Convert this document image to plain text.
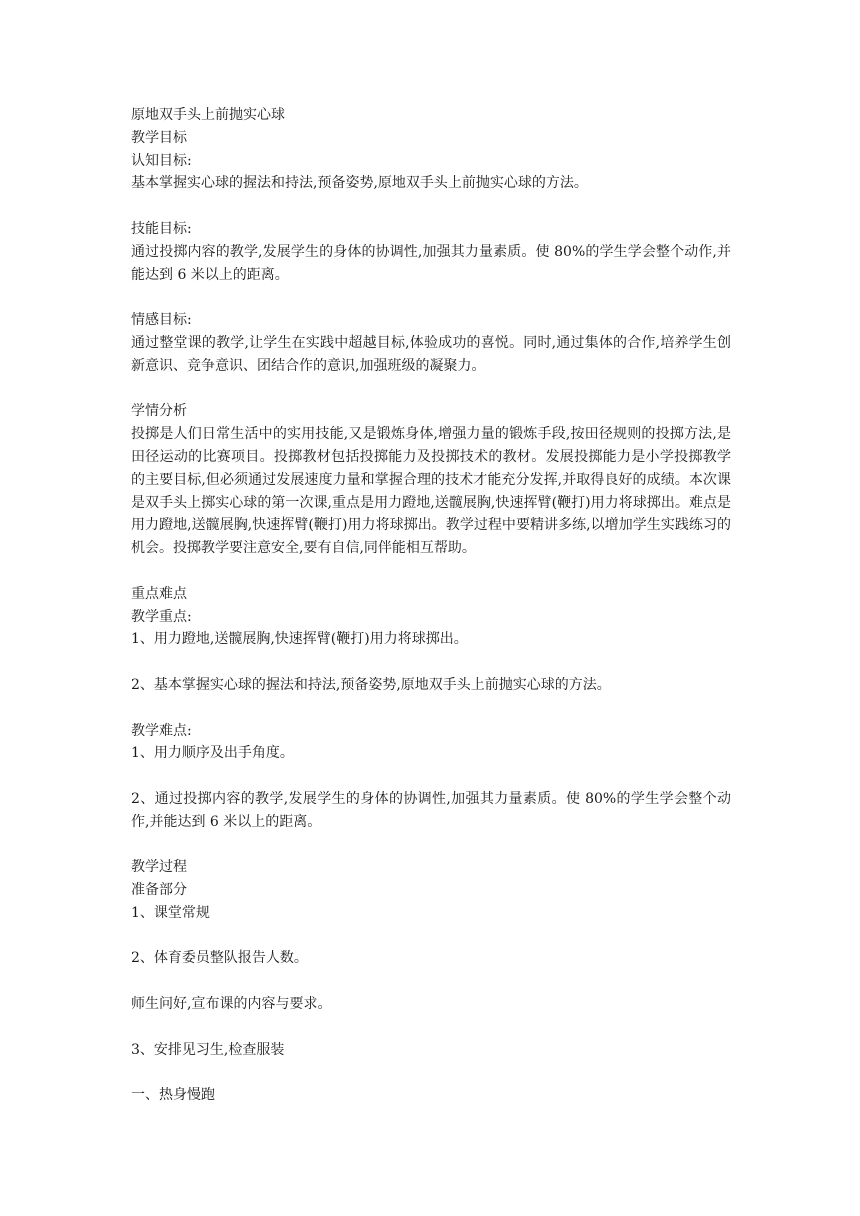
原地双手头上前抛实心球

教学目标

认知目标:

基本掌握实心球的握法和持法,预备姿势,原地双手头上前抛实心球的方法。

技能目标:

通过投掷内容的教学,发展学生的身体的协调性,加强其力量素质。使 80%的学生学会整个动作,并能达到 6 米以上的距离。

情感目标:

通过整堂课的教学,让学生在实践中超越目标,体验成功的喜悦。同时,通过集体的合作,培养学生创新意识、竞争意识、团结合作的意识,加强班级的凝聚力。

学情分析

投掷是人们日常生活中的实用技能,又是锻炼身体,增强力量的锻炼手段,按田径规则的投掷方法,是田径运动的比赛项目。投掷教材包括投掷能力及投掷技术的教材。发展投掷能力是小学投掷教学的主要目标,但必须通过发展速度力量和掌握合理的技术才能充分发挥,并取得良好的成绩。本次课是双手头上掷实心球的第一次课,重点是用力蹬地,送髋展胸,快速挥臂(鞭打)用力将球掷出。难点是用力蹬地,送髋展胸,快速挥臂(鞭打)用力将球掷出。教学过程中要精讲多练,以增加学生实践练习的机会。投掷教学要注意安全,要有自信,同伴能相互帮助。

重点难点

教学重点:

1、用力蹬地,送髋展胸,快速挥臂(鞭打)用力将球掷出。

2、基本掌握实心球的握法和持法,预备姿势,原地双手头上前抛实心球的方法。

教学难点:

1、用力顺序及出手角度。

2、通过投掷内容的教学,发展学生的身体的协调性,加强其力量素质。使 80%的学生学会整个动作,并能达到 6 米以上的距离。

教学过程

准备部分

1、课堂常规

2、体育委员整队报告人数。

师生问好,宣布课的内容与要求。

3、安排见习生,检查服装

一、热身慢跑
